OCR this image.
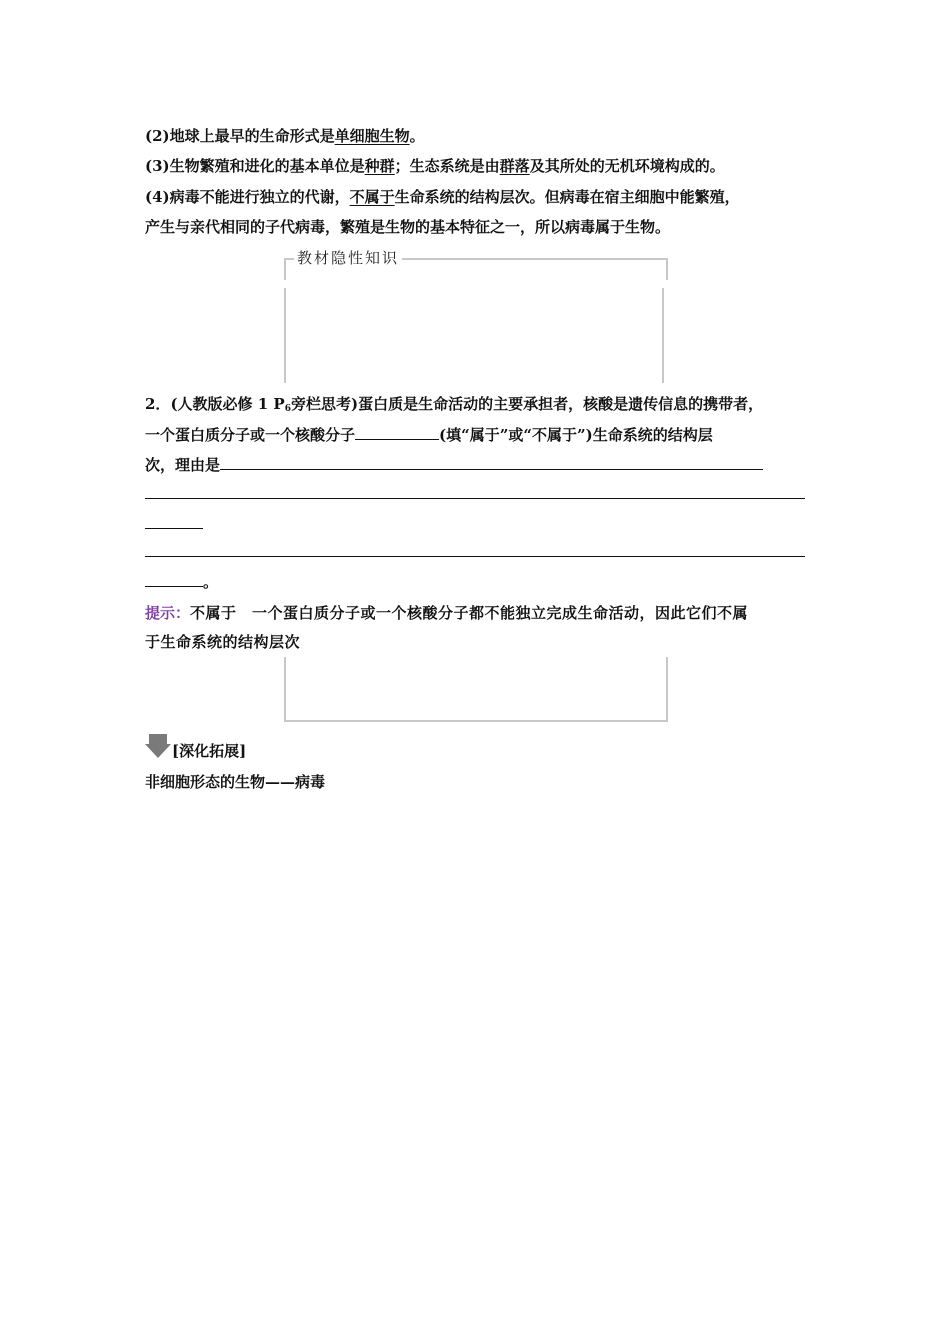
(2)地球上最早的生命形式是单细胞生物。
(3)生物繁殖和进化的基本单位是种群；生态系统是由群落及其所处的无机环境构成的。
(4)病毒不能进行独立的代谢，不属于生命系统的结构层次。但病毒在宿主细胞中能繁殖，
产生与亲代相同的子代病毒，繁殖是生物的基本特征之一，所以病毒属于生物。
教材隐性知识
2．(人教版必修 1 $P_6$旁栏思考)蛋白质是生命活动的主要承担者，核酸是遗传信息的携带者，
一个蛋白质分子或一个核酸分子	(填“属于”或“不属于”)生命系统的结构层
次，理由是
。
提示：不属于　一个蛋白质分子或一个核酸分子都不能独立完成生命活动，因此它们不属
于生命系统的结构层次
[深化拓展]
非细胞形态的生物——病毒
